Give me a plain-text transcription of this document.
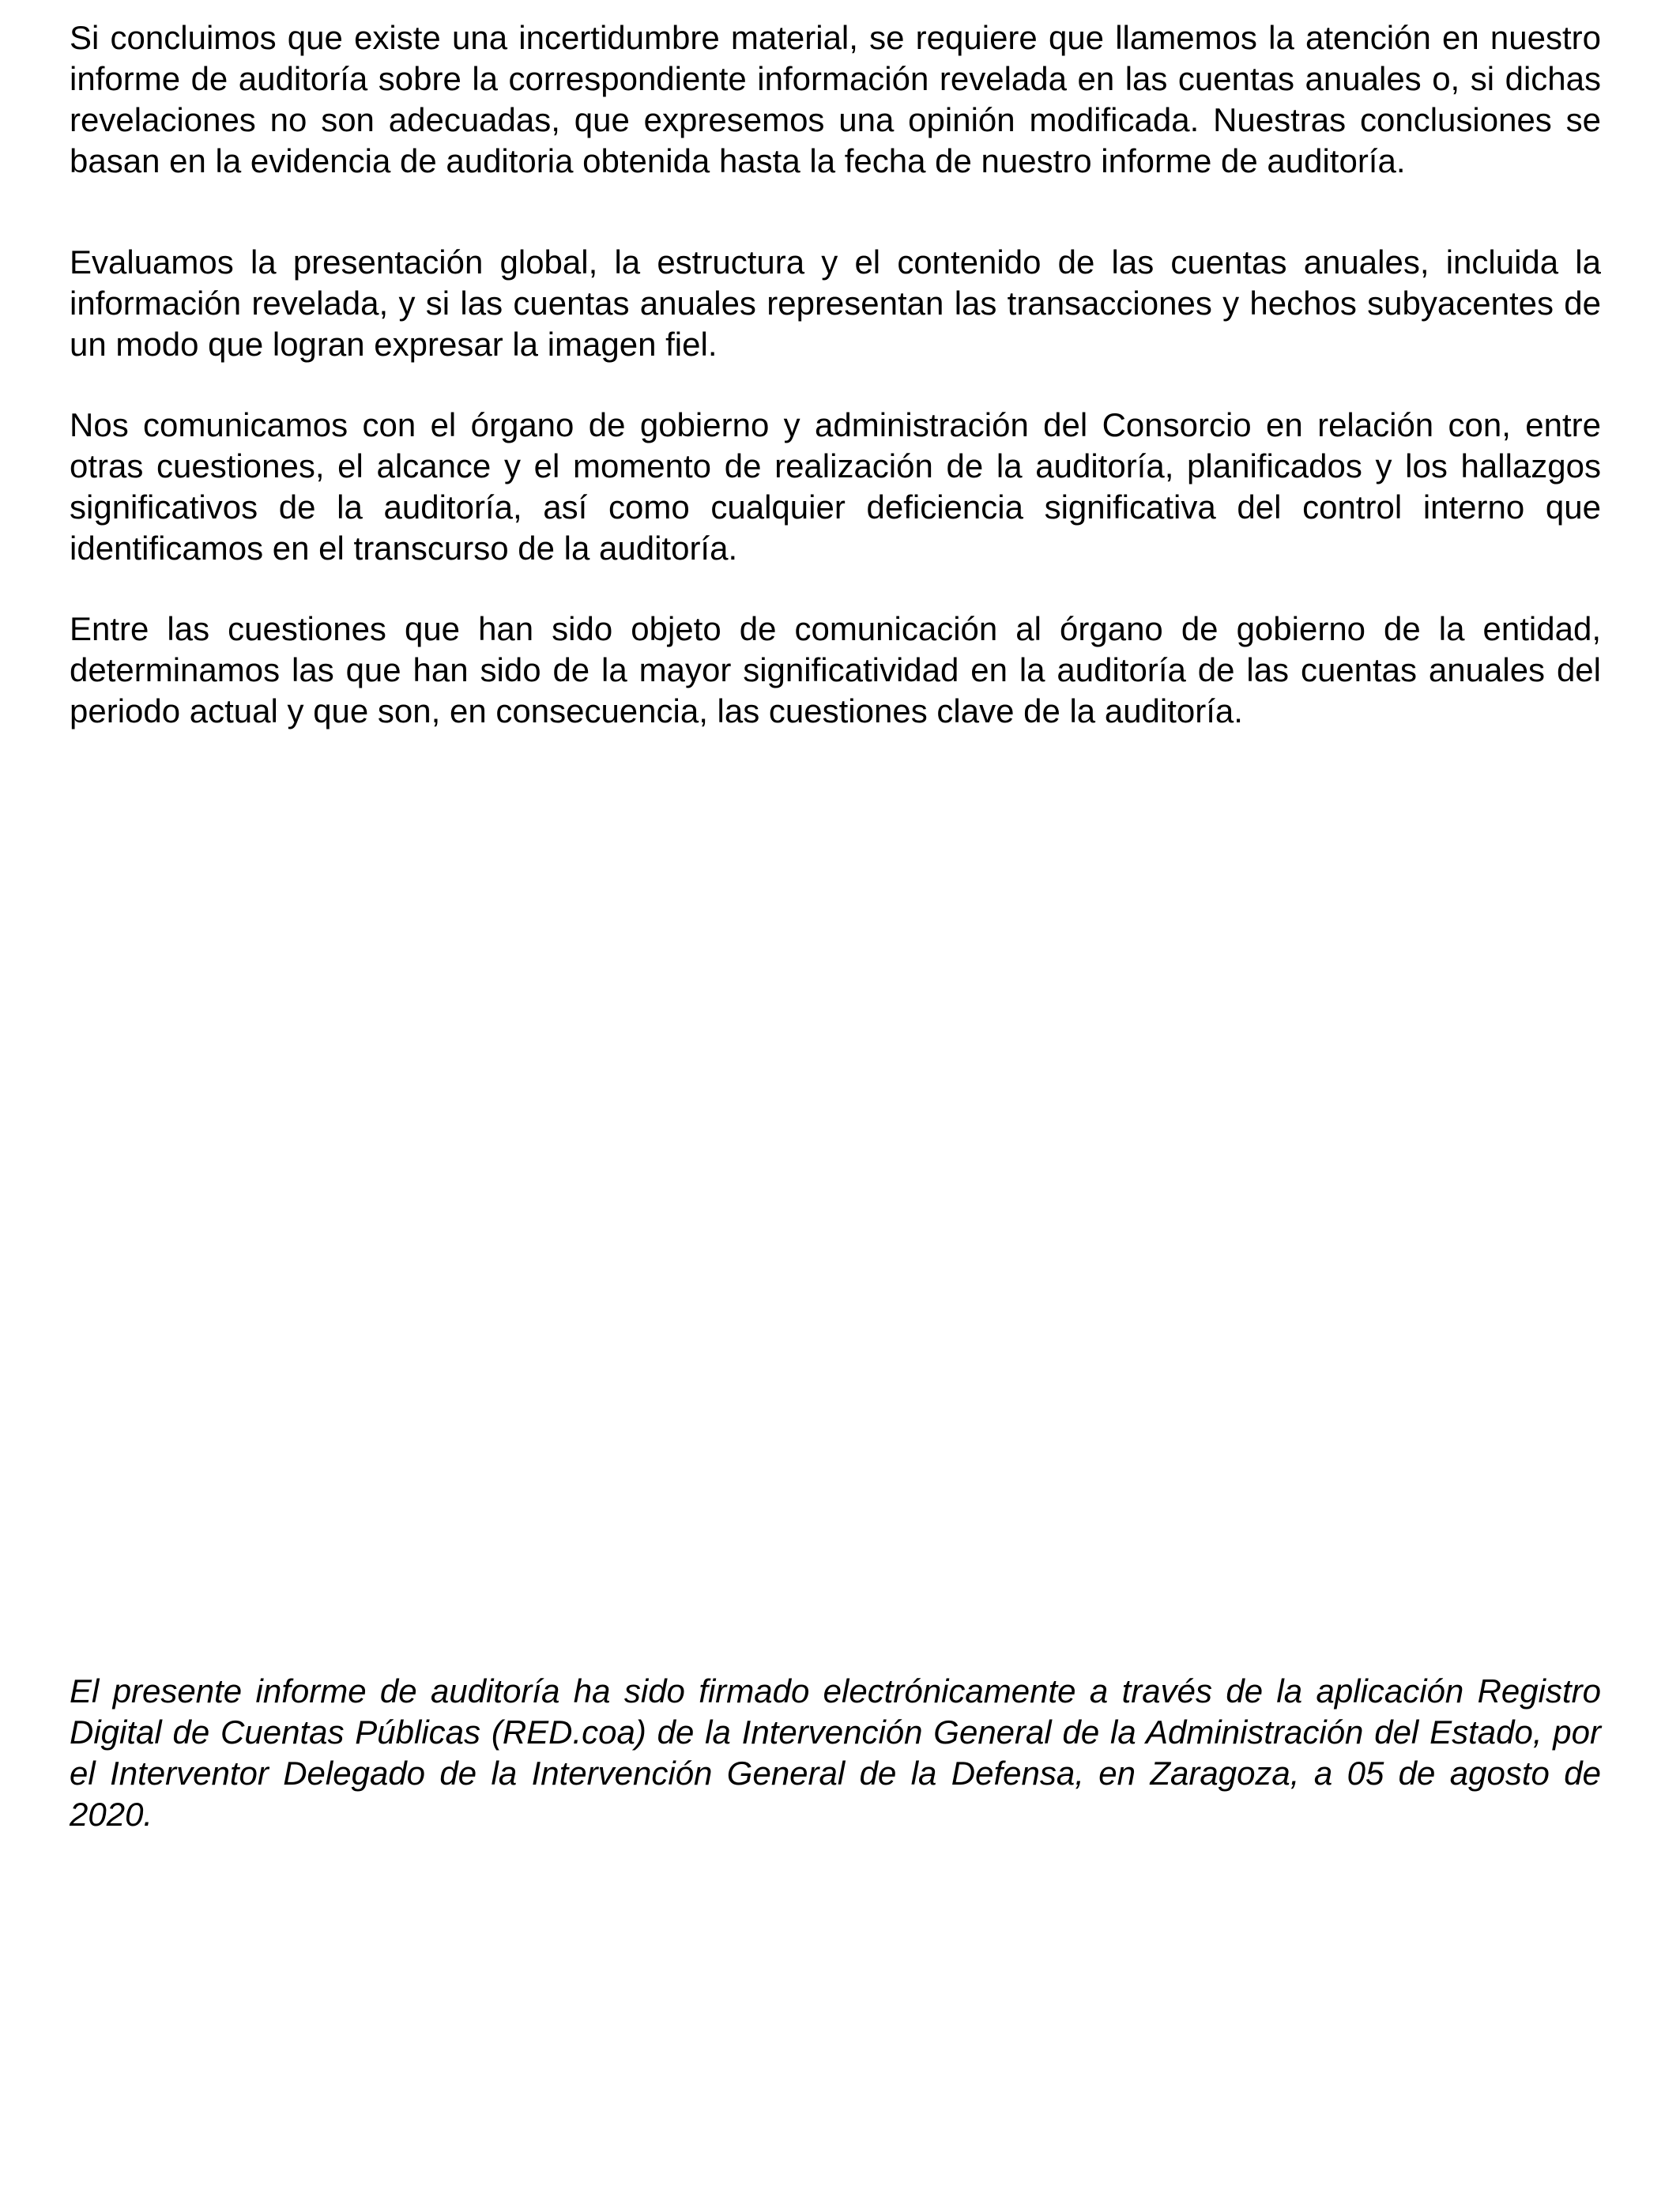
Si concluimos que existe una incertidumbre material, se requiere que llamemos la atención en nuestro informe de auditoría sobre la correspondiente información revelada en las cuentas anuales o, si dichas revelaciones no son adecuadas, que expresemos una opinión modificada. Nuestras conclusiones se basan en la evidencia de auditoria obtenida hasta la fecha de nuestro informe de auditoría.

Evaluamos la presentación global, la estructura y el contenido de las cuentas anuales, incluida la información revelada, y si las cuentas anuales representan las transacciones y hechos subyacentes de un modo que logran expresar la imagen fiel.

Nos comunicamos con el órgano de gobierno y administración del Consorcio en relación con, entre otras cuestiones, el alcance y el momento de realización de la auditoría, planificados y los hallazgos significativos de la auditoría, así como cualquier deficiencia significativa del control interno que identificamos en el transcurso de la auditoría.

Entre las cuestiones que han sido objeto de comunicación al órgano de gobierno de la entidad, determinamos las que han sido de la mayor significatividad en la auditoría de las cuentas anuales del periodo actual y que son, en consecuencia, las cuestiones clave de la auditoría.

El presente informe de auditoría ha sido firmado electrónicamente a través de la aplicación Registro Digital de Cuentas Públicas (RED.coa) de la Intervención General de la Administración del Estado, por el Interventor Delegado de la Intervención General de la Defensa, en Zaragoza, a 05 de agosto de 2020.
